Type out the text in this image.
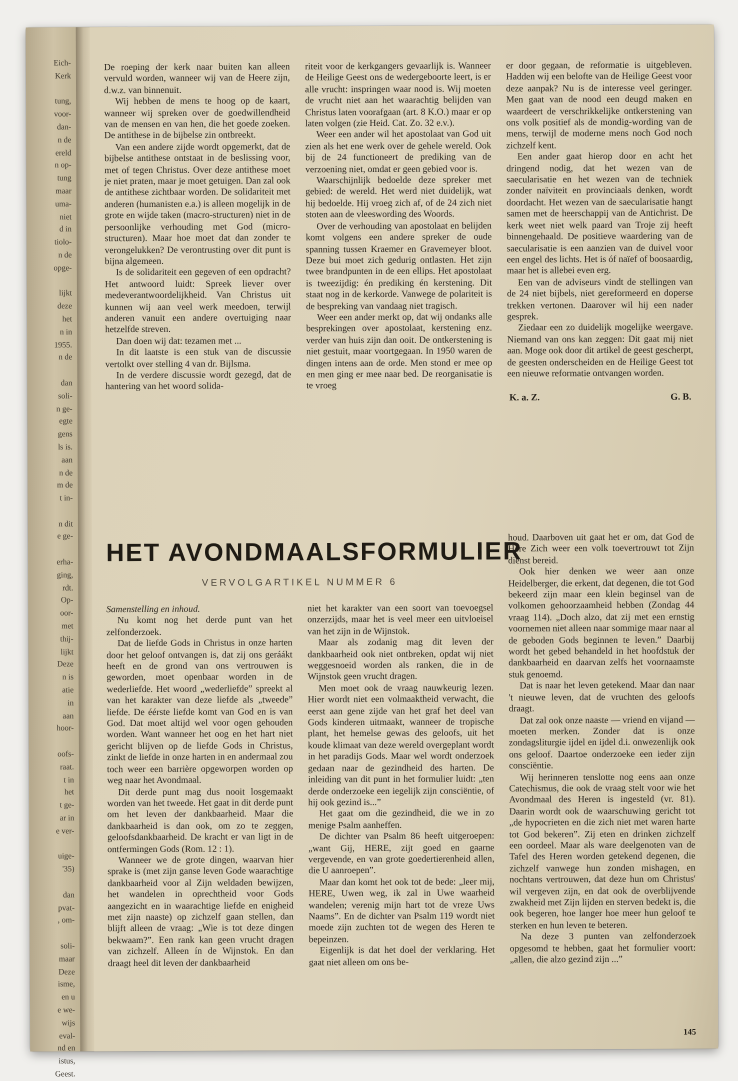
Eich-

Kerk

tung,

voor-

dan-

n de

ereld

n op-

tung

maar

uma-

niet

d in

tiolo-

n de

opge-

lijkt

deze

het

n in

1955.

n de

dan

soli-

n ge-

egte

gens

ls is.

aan

n de

m de

t in-

n dit

e ge-

erha-

ging,

rdt.

Op-

oor-

met

thij-

lijkt

Deze

n is

atie

in

aan

hoor-

oofs-

raat.

t in

het

t ge-

ar in

e ver-

uige-

'35)

dan

pvat-

, om-

soli-

maar

Deze

isme,

en u

e we-

wijs

eval-

nd en

istus,

Geest.

De roeping der kerk naar buiten kan alleen vervuld worden, wanneer wij van de Heere zijn, d.w.z. van binnenuit.

Wij hebben de mens te hoog op de kaart, wanneer wij spreken over de goedwillendheid van de mensen en van hen, die het goede zoeken. De antithese in de bijbelse zin ontbreekt.

Van een andere zijde wordt opgemerkt, dat de bijbelse antithese ontstaat in de beslissing voor, met of tegen Christus. Over deze antithese moet je niet praten, maar je moet getuigen. Dan zal ook de antithese zichtbaar worden. De solidariteit met anderen (humanisten e.a.) is alleen mogelijk in de grote en wijde taken (macro-structuren) niet in de persoonlijke verhouding met God (micro-structuren). Maar hoe moet dat dan zonder te verongelukken? De verontrusting over dit punt is bijna algemeen.

Is de solidariteit een gegeven of een opdracht? Het antwoord luidt: Spreek liever over medeverantwoordelijkheid. Van Christus uit kunnen wij aan veel werk meedoen, terwijl anderen vanuit een andere overtuiging naar hetzelfde streven.

Dan doen wij dat: tezamen met ...

In dit laatste is een stuk van de discussie vertolkt over stelling 4 van dr. Bijlsma.

In de verdere discussie wordt gezegd, dat de hantering van het woord solida-

riteit voor de kerkgangers gevaarlijk is. Wanneer de Heilige Geest ons de wedergeboorte leert, is er alle vrucht: inspringen waar nood is. Wij moeten de vrucht niet aan het waarachtig belijden van Christus laten voorafgaan (art. 8 K.O.) maar er op laten volgen (zie Heid. Cat. Zo. 32 e.v.).

Weer een ander wil het apostolaat van God uit zien als het ene werk over de gehele wereld. Ook bij de 24 functioneert de prediking van de verzoening niet, omdat er geen gebied voor is.

Waarschijnlijk bedoelde deze spreker met gebied: de wereld. Het werd niet duidelijk, wat hij bedoelde. Hij vroeg zich af, of de 24 zich niet stoten aan de vleeswording des Woords.

Over de verhouding van apostolaat en belijden komt volgens een andere spreker de oude spanning tussen Kraemer en Gravemeyer bloot. Deze bui moet zich gedurig ontlasten. Het zijn twee brandpunten in de een ellips. Het apostolaat is tweezijdig: én prediking én kerstening. Dit staat nog in de kerkorde. Vanwege de polariteit is de bespreking van vandaag niet tragisch.

Weer een ander merkt op, dat wij ondanks alle besprekingen over apostolaat, kerstening enz. verder van huis zijn dan ooit. De ontkerstening is niet gestuit, maar voortgegaan. In 1950 waren de dingen intens aan de orde. Men stond er mee op en men ging er mee naar bed. De reorganisatie is te vroeg

er door gegaan, de reformatie is uitgebleven. Hadden wij een belofte van de Heilige Geest voor deze aanpak? Nu is de interesse veel geringer. Men gaat van de nood een deugd maken en waardeert de verschrikkelijke ontkerstening van ons volk positief als de mondig-wording van de mens, terwijl de moderne mens noch God noch zichzelf kent.

Een ander gaat hierop door en acht het dringend nodig, dat het wezen van de saecularisatie en het wezen van de techniek zonder naïviteit en provinciaals denken, wordt doordacht. Het wezen van de saecularisatie hangt samen met de heerschappij van de Antichrist. De kerk weet niet welk paard van Troje zij heeft binnengehaald. De positieve waardering van de saecularisatie is een aanzien van de duivel voor een engel des lichts. Het is óf naïef of boosaardig, maar het is allebei even erg.

Een van de adviseurs vindt de stellingen van de 24 niet bijbels, niet gereformeerd en doperse trekken vertonen. Daarover wil hij een nader gesprek.

Ziedaar een zo duidelijk mogelijke weergave. Niemand van ons kan zeggen: Dit gaat mij niet aan. Moge ook door dit artikel de geest gescherpt, de geesten onderscheiden en de Heilige Geest tot een nieuwe reformatie ontvangen worden.

K. a. Z.	G. B.
HET AVONDMAALSFORMULIER
VERVOLGARTIKEL NUMMER 6

Samenstelling en inhoud.

Nu komt nog het derde punt van het zelfonderzoek.

Dat de liefde Gods in Christus in onze harten door het geloof ontvangen is, dat zij ons geráákt heeft en de grond van ons vertrouwen is geworden, moet openbaar worden in de wederliefde. Het woord „wederliefde” spreekt al van het karakter van deze liefde als „tweede” liefde. De éérste liefde komt van God en is van God. Dat moet altijd wel voor ogen gehouden worden. Want wanneer het oog en het hart niet gericht blijven op de liefde Gods in Christus, zinkt de liefde in onze harten in en andermaal zou toch weer een barrière opgeworpen worden op weg naar het Avondmaal.

Dit derde punt mag dus nooit losgemaakt worden van het tweede. Het gaat in dit derde punt om het leven der dankbaarheid. Maar die dankbaarheid is dan ook, om zo te zeggen, geloofsdankbaarheid. De kracht er van ligt in de ontfermingen Gods (Rom. 12 : 1).

Wanneer we de grote dingen, waarvan hier sprake is (met zijn ganse leven Gode waarachtige dankbaarheid voor al Zijn weldaden bewijzen, het wandelen in oprechtheid voor Gods aangezicht en in waarachtige liefde en enigheid met zijn naaste) op zichzelf gaan stellen, dan blijft alleen de vraag: „Wie is tot deze dingen bekwaam?”. Een rank kan geen vrucht dragen van zichzelf. Alleen ín de Wijnstok. En dan draagt heel dit leven der dankbaarheid

niet het karakter van een soort van toevoegsel onzerzijds, maar het is veel meer een uitvloeisel van het zijn in de Wijnstok.

Maar als zodanig mag dit leven der dankbaarheid ook niet ontbreken, opdat wij niet weggesnoeid worden als ranken, die in de Wijnstok geen vrucht dragen.

Men moet ook de vraag nauwkeurig lezen. Hier wordt niet een volmaaktheid verwacht, die eerst aan gene zijde van het graf het deel van Gods kinderen uitmaakt, wanneer de tropische plant, het hemelse gewas des geloofs, uit het koude klimaat van deze wereld overgeplant wordt in het paradijs Gods. Maar wel wordt onderzoek gedaan naar de gezindheid des harten. De inleiding van dit punt in het formulier luidt: „ten derde onderzoeke een iegelijk zijn consciëntie, of hij ook gezind is...”

Het gaat om die gezindheid, die we in zo menige Psalm aanheffen.

De dichter van Psalm 86 heeft uitgeroepen: „want Gij, HERE, zijt goed en gaarne vergevende, en van grote goedertierenheid allen, die U aanroepen”.

Maar dan komt het ook tot de bede: „leer mij, HERE, Uwen weg, ik zal in Uwe waarheid wandelen; verenig mijn hart tot de vreze Uws Naams”. En de dichter van Psalm 119 wordt niet moede zijn zuchten tot de wegen des Heren te bepeinzen.

Eigenlijk is dat het doel der verklaring. Het gaat niet alleen om ons be-

houd. Daarboven uit gaat het er om, dat God de Here Zich weer een volk toevertrouwt tot Zijn dienst bereid.

Ook hier denken we weer aan onze Heidelberger, die erkent, dat degenen, die tot God bekeerd zijn maar een klein beginsel van de volkomen gehoorzaamheid hebben (Zondag 44 vraag 114). „Doch alzo, dat zij met een ernstig voornemen niet alleen naar sommige maar naar al de geboden Gods beginnen te leven.” Daarbij wordt het gebed behandeld in het hoofdstuk der dankbaarheid en daarvan zelfs het voornaamste stuk genoemd.

Dat is naar het leven getekend. Maar dan naar 't nieuwe leven, dat de vruchten des geloofs draagt.

Dat zal ook onze naaste — vriend en vijand — moeten merken. Zonder dat is onze zondagsliturgie ijdel en ijdel d.i. onwezenlijk ook ons geloof. Daartoe onderzoeke een ieder zijn consciëntie.

Wij herinneren tenslotte nog eens aan onze Catechismus, die ook de vraag stelt voor wie het Avondmaal des Heren is ingesteld (vr. 81). Daarin wordt ook de waarschuwing gericht tot „de hypocrieten en die zich niet met waren harte tot God bekeren”. Zij eten en drinken zichzelf een oordeel. Maar als ware deelgenoten van de Tafel des Heren worden getekend degenen, die zichzelf vanwege hun zonden mishagen, en nochtans vertrouwen, dat deze hun om Christus' wil vergeven zijn, en dat ook de overblijvende zwakheid met Zijn lijden en sterven bedekt is, die ook begeren, hoe langer hoe meer hun geloof te sterken en hun leven te beteren.

Na deze 3 punten van zelfonderzoek opgesomd te hebben, gaat het formulier voort: „allen, die alzo gezind zijn ...”

145
